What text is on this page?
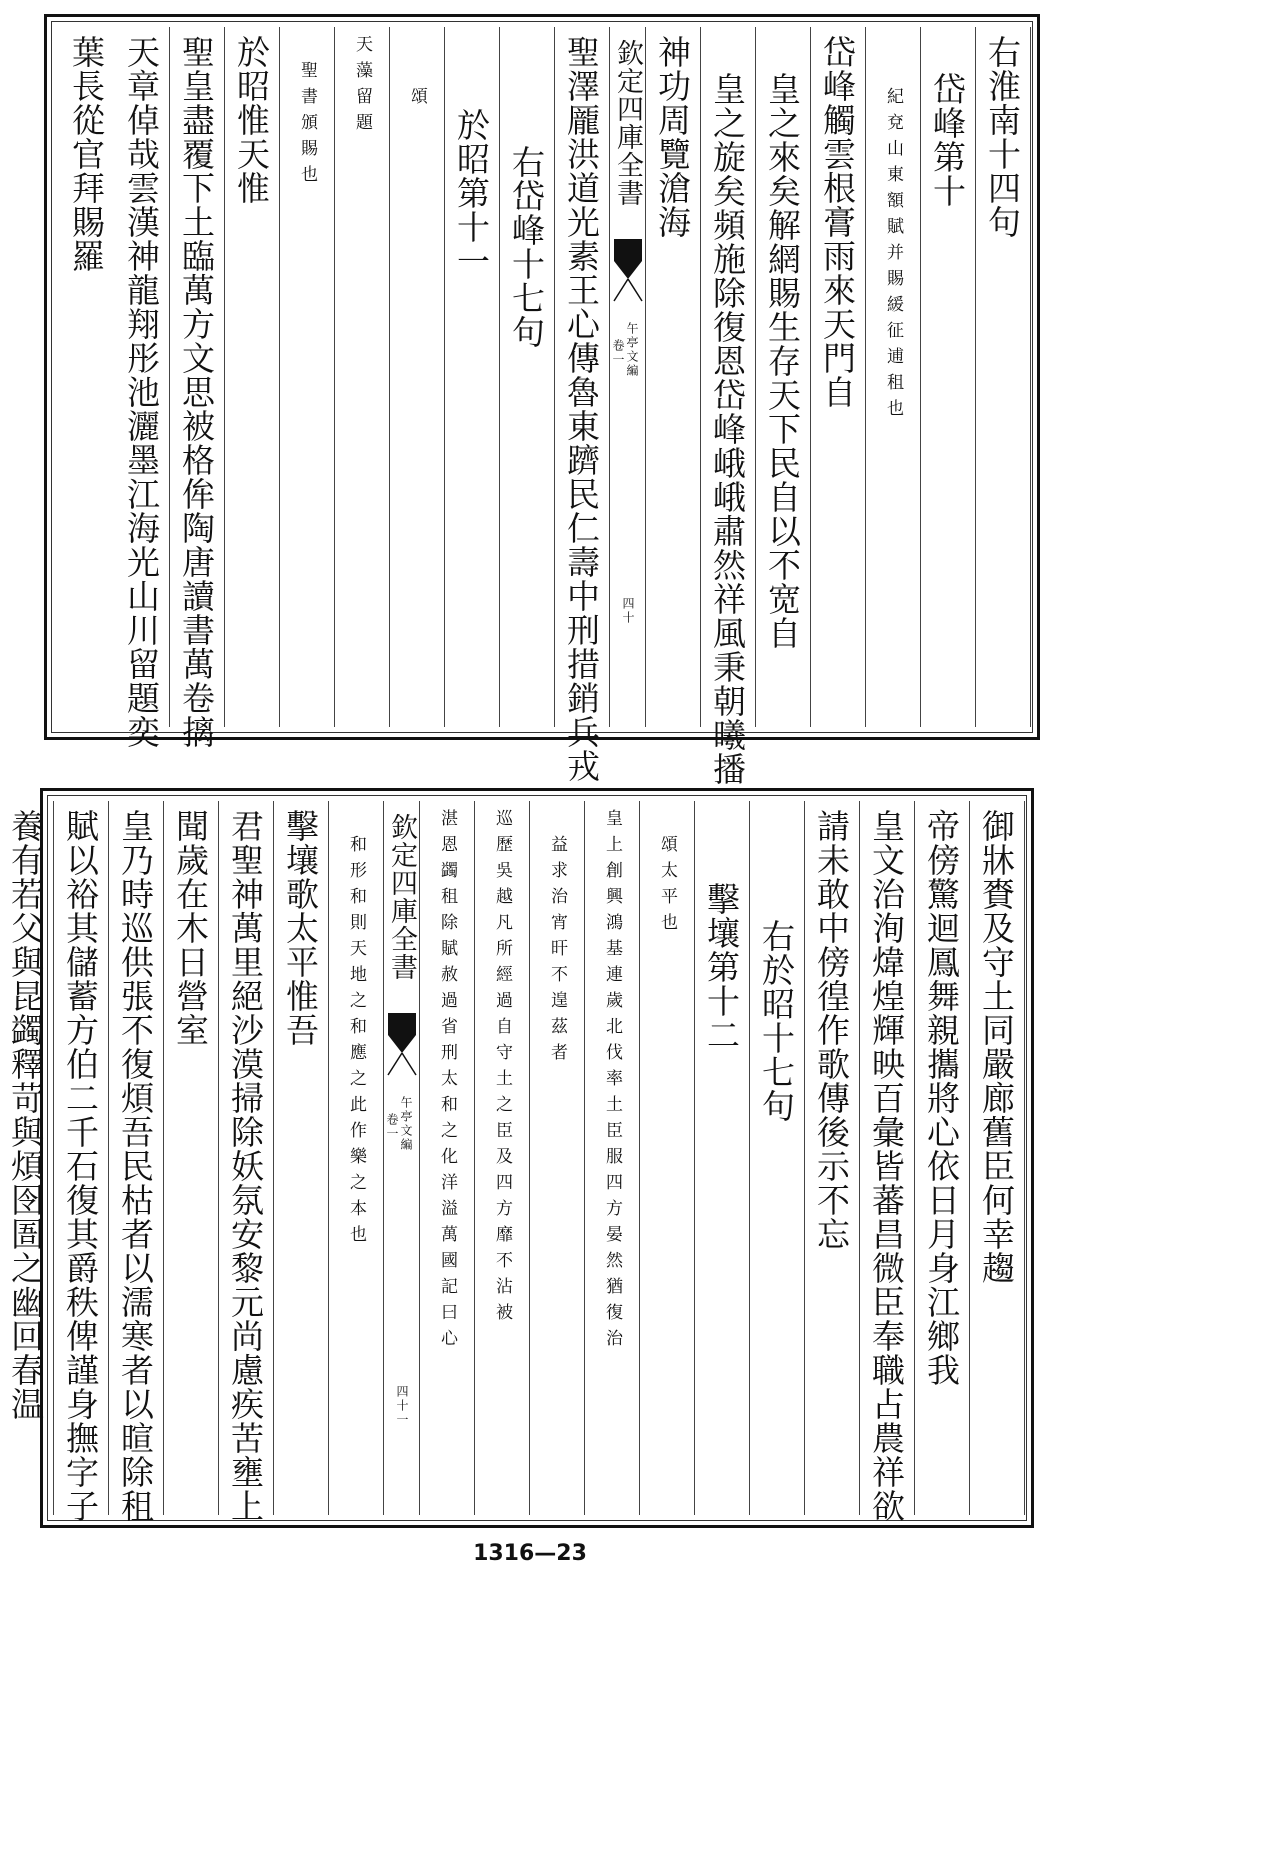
右淮南十四句
岱峰第十
紀兗山東額賦并賜緩征逋租也
岱峰觸雲根膏雨來天門自
皇之來矣解網賜生存天下民自以不宽自
皇之旋矣頻施除復恩岱峰峨峨肅然祥風秉朝曦播
神功周覽滄海
欽定四庫全書
午亭文編
卷一
四十
聖澤龎洪道光素王心傳魯東躋民仁壽中刑措銷兵戎
右岱峰十七句
於昭第十一
頌
天藻留題
聖書頒賜也
於昭惟天惟
聖皇盡覆下土臨萬方文思被格侔陶唐讀書萬卷摛
天章倬哉雲漢神龍翔彤池灑墨江海光山川留題奕
葉長從官拜賜羅
御牀賚及守土同嚴廊舊臣何幸趨
帝傍驚迴鳳舞親攜將心依日月身江鄉我
皇文治洵煒煌輝映百彙皆蕃昌微臣奉職占農祥欲
請未敢中傍徨作歌傳後示不忘
右於昭十七句
擊壤第十二
頌太平也
皇上創興鴻基連歲北伐率土臣服四方晏然猶復治
益求治宵旰不遑茲者
巡歷吳越凡所經過自守土之臣及四方靡不沾被
湛恩蠲租除賦赦過省刑太和之化洋溢萬國記曰心
欽定四庫全書
午亭文編
卷一
四十一
和形和則天地之和應之此作樂之本也
擊壤歌太平惟吾
君聖神萬里絕沙漠掃除妖氛安黎元尚慮疾苦壅上
聞歲在木日營室
皇乃時巡供張不復煩吾民枯者以濡寒者以暄除租
賦以裕其儲蓄方伯二千石復其爵秩俾謹身撫字子
養有若父與昆蠲釋苛與煩囹圄之幽回春温
1316—23
